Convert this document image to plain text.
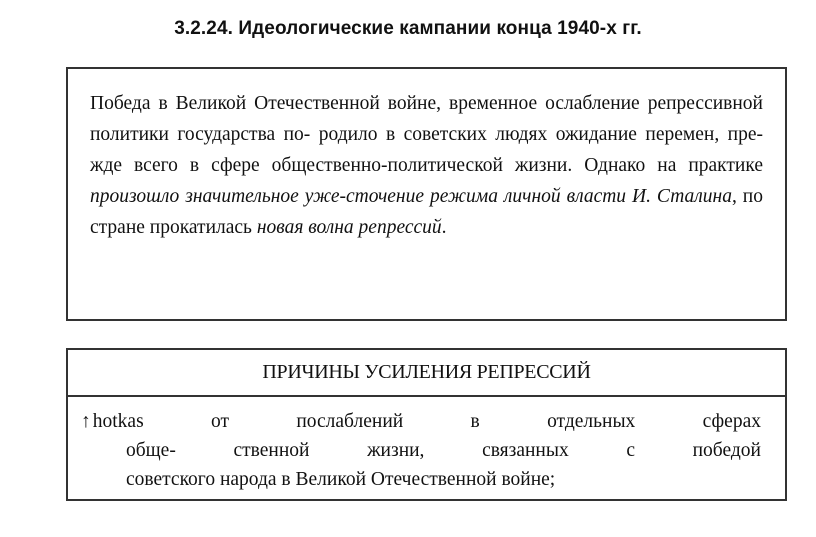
3.2.24. Идеологические кампании конца 1940-х гг.

Победа в Великой Отечественной войне, временное ослабление репрессивной политики государства по- родило в советских людях ожидание перемен, пре- жде всего в сфере общественно-политической жизни. Однако на практике произошло значительное уже-сточение режима личной власти И. Сталина, по стране прокатилась новая волна репрессий.

ПРИЧИНЫ УСИЛЕНИЯ РЕПРЕССИЙ
↑ hotkas	от	послаблений	в	отдельных	сферах
обще-	ственной	жизни,	связанных	с	победой
советского народа в Великой Отечественной войне;
